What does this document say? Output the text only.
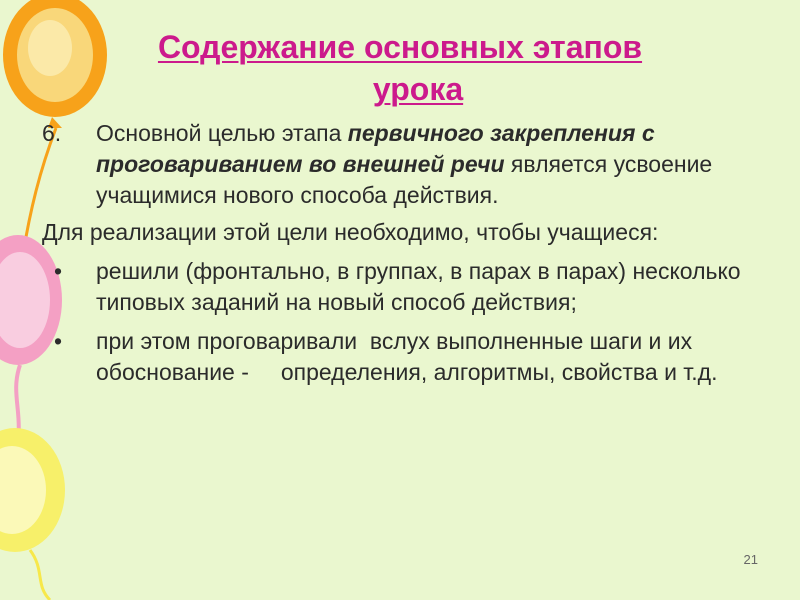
Содержание основных этапов
урока
6. Основной целью этапа первичного закрепления с проговариванием во внешней речи является усвоение учащимися нового способа действия.
Для реализации этой цели необходимо, чтобы учащиеся:
• решили (фронтально, в группах, в парах в парах) несколько типовых заданий на новый способ действия;
• при этом проговаривали  вслух выполненные шаги и их обоснование -     определения, алгоритмы, свойства и т.д.
21
